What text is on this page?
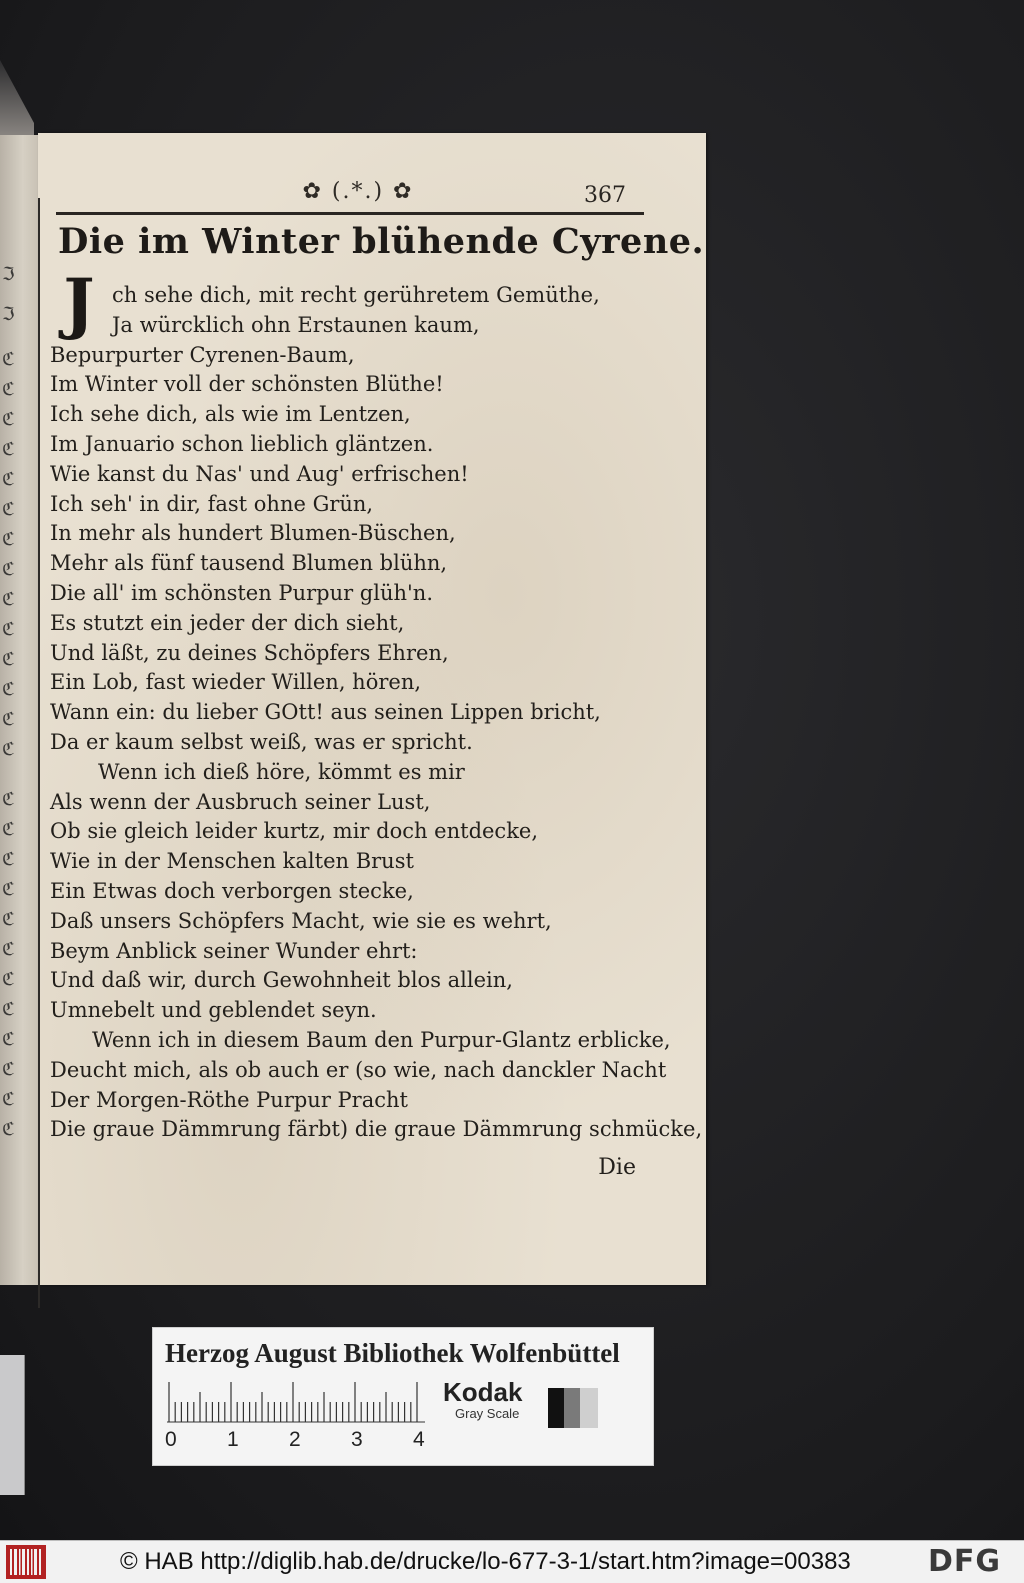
ℑ
ℑ
ℭ
ℭ
ℭ
ℭ
ℭ
ℭ
ℭ
ℭ
ℭ
ℭ
ℭ
ℭ
ℭ
ℭ
ℭ
ℭ
ℭ
ℭ
ℭ
ℭ
ℭ
ℭ
ℭ
ℭ
ℭ
ℭ
✿ (.*.) ✿	367
Die im Winter blühende Cyrene.
J ch sehe dich, mit recht gerühretem Gemüthe,
Ja würcklich ohn Erstaunen kaum,
Bepurpurter Cyrenen-Baum,
Im Winter voll der schönsten Blüthe!
Ich sehe dich, als wie im Lentzen,
Im Januario schon lieblich gläntzen.
Wie kanst du Nas' und Aug' erfrischen!
Ich seh' in dir, fast ohne Grün,
In mehr als hundert Blumen-Büschen,
Mehr als fünf tausend Blumen blühn,
Die all' im schönsten Purpur glüh'n.
Es stutzt ein jeder der dich sieht,
Und läßt, zu deines Schöpfers Ehren,
Ein Lob, fast wieder Willen, hören,
Wann ein: du lieber GOtt! aus seinen Lippen bricht,
Da er kaum selbst weiß, was er spricht.
Wenn ich dieß höre, kömmt es mir
Als wenn der Ausbruch seiner Lust,
Ob sie gleich leider kurtz, mir doch entdecke,
Wie in der Menschen kalten Brust
Ein Etwas doch verborgen stecke,
Daß unsers Schöpfers Macht, wie sie es wehrt,
Beym Anblick seiner Wunder ehrt:
Und daß wir, durch Gewohnheit blos allein,
Umnebelt und geblendet seyn.
Wenn ich in diesem Baum den Purpur-Glantz erblicke,
Deucht mich, als ob auch er (so wie, nach danckler Nacht
Der Morgen-Röthe Purpur Pracht
Die graue Dämmrung färbt) die graue Dämmrung schmücke,
Die
Herzog August Bibliothek Wolfenbüttel
0 1 2 3 4
Kodak
Gray Scale
© HAB http://diglib.hab.de/drucke/lo-677-3-1/start.htm?image=00383	DFG
